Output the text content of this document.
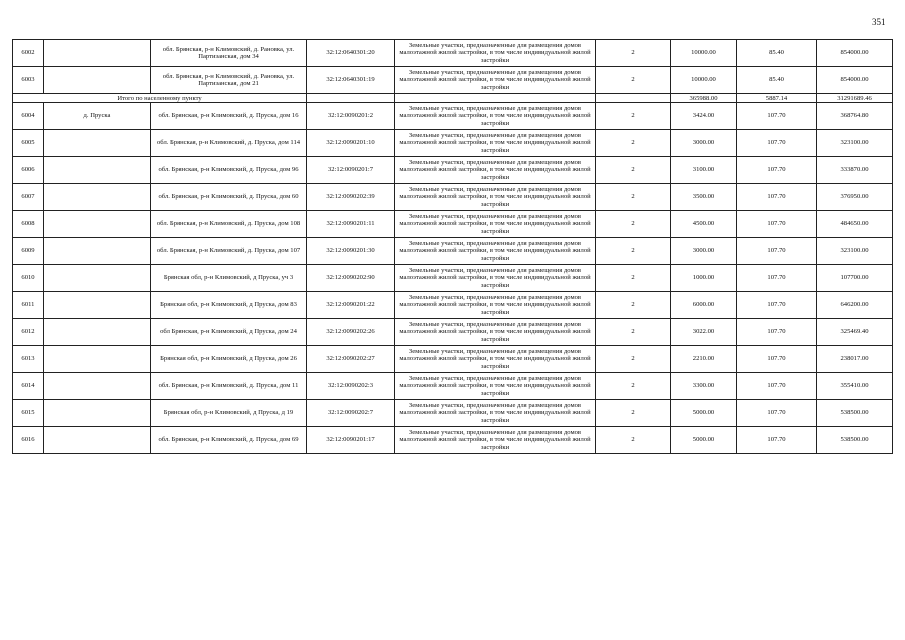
351
6002		обл. Брянская, р-н Климовский, д. Рановка, ул. Партизанская, дом 34	32:12:0640301:20	Земельные участки, предназначенные для размещения домов малоэтажной жилой застройки, в том числе индивидуальной жилой застройки	2	10000.00	85.40	854000.00
6003		обл. Брянская, р-н Климовский, д. Рановка, ул. Партизанская, дом 21	32:12:0640301:19	Земельные участки, предназначенные для размещения домов малоэтажной жилой застройки, в том числе индивидуальной жилой застройки	2	10000.00	85.40	854000.00
Итого по населенному пункту						365988.00	5887.14	31291689.46
6004	д. Пруска	обл. Брянская, р-н Климовский, д. Пруска, дом 16	32:12:0090201:2	Земельные участки, предназначенные для размещения домов малоэтажной жилой застройки, в том числе индивидуальной жилой застройки	2	3424.00	107.70	368764.80
6005		обл. Брянская, р-н Климовский, д. Пруска, дом 114	32:12:0090201:10	Земельные участки, предназначенные для размещения домов малоэтажной жилой застройки, в том числе индивидуальной жилой застройки	2	3000.00	107.70	323100.00
6006		обл. Брянская, р-н Климовский, д. Пруска, дом 96	32:12:0090201:7	Земельные участки, предназначенные для размещения домов малоэтажной жилой застройки, в том числе индивидуальной жилой застройки	2	3100.00	107.70	333870.00
6007		обл. Брянская, р-н Климовский, д. Пруска, дом 60	32:12:0090202:39	Земельные участки, предназначенные для размещения домов малоэтажной жилой застройки, в том числе индивидуальной жилой застройки	2	3500.00	107.70	376950.00
6008		обл. Брянская, р-н Климовский, д. Пруска, дом 108	32:12:0090201:11	Земельные участки, предназначенные для размещения домов малоэтажной жилой застройки, в том числе индивидуальной жилой застройки	2	4500.00	107.70	484650.00
6009		обл. Брянская, р-н Климовский, д. Пруска, дом 107	32:12:0090201:30	Земельные участки, предназначенные для размещения домов малоэтажной жилой застройки, в том числе индивидуальной жилой застройки	2	3000.00	107.70	323100.00
6010		Брянская обл, р-н Климовский, д Пруска, уч 3	32:12:0090202:90	Земельные участки, предназначенные для размещения домов малоэтажной жилой застройки, в том числе индивидуальной жилой застройки	2	1000.00	107.70	107700.00
6011		Брянская обл, р-н Климовский, д Пруска, дом 83	32:12:0090201:22	Земельные участки, предназначенные для размещения домов малоэтажной жилой застройки, в том числе индивидуальной жилой застройки	2	6000.00	107.70	646200.00
6012		обл Брянская, р-н Климовский, д Пруска, дом 24	32:12:0090202:26	Земельные участки, предназначенные для размещения домов малоэтажной жилой застройки, в том числе индивидуальной жилой застройки	2	3022.00	107.70	325469.40
6013		Брянская обл, р-н Климовский, д Пруска, дом 26	32:12:0090202:27	Земельные участки, предназначенные для размещения домов малоэтажной жилой застройки, в том числе индивидуальной жилой застройки	2	2210.00	107.70	238017.00
6014		обл. Брянская, р-н Климовский, д. Пруска, дом 11	32:12:0090202:3	Земельные участки, предназначенные для размещения домов малоэтажной жилой застройки, в том числе индивидуальной жилой застройки	2	3300.00	107.70	355410.00
6015		Брянская обл, р-н Климовский, д Пруска, д 19	32:12:0090202:7	Земельные участки, предназначенные для размещения домов малоэтажной жилой застройки, в том числе индивидуальной жилой застройки	2	5000.00	107.70	538500.00
6016		обл. Брянская, р-н Климовский, д. Пруска, дом 69	32:12:0090201:17	Земельные участки, предназначенные для размещения домов малоэтажной жилой застройки, в том числе индивидуальной жилой застройки	2	5000.00	107.70	538500.00
